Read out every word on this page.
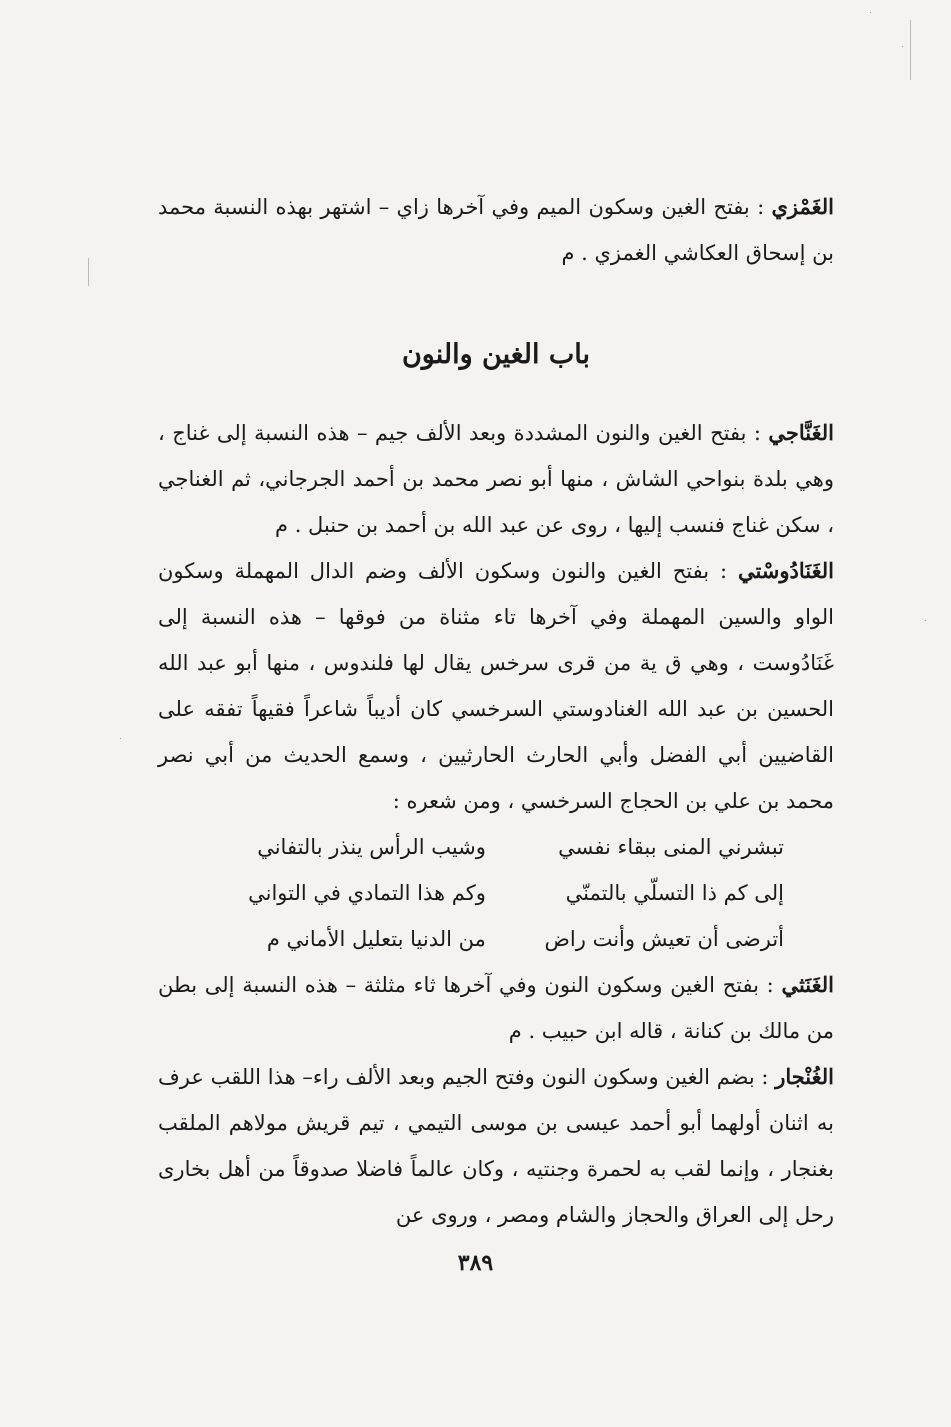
الغَمْزي : بفتح الغين وسكون الميم وفي آخرها زاي – اشتهر بهذه النسبة محمد بن إسحاق العكاشي الغمزي . م

باب الغين والنون

الغَنَّاجي : بفتح الغين والنون المشددة وبعد الألف جيم – هذه النسبة إلى غناج ، وهي بلدة بنواحي الشاش ، منها أبو نصر محمد بن أحمد الجرجاني، ثم الغناجي ، سكن غناج فنسب إليها ، روى عن عبد الله بن أحمد بن حنبل . م

الغَنَادُوسْتي : بفتح الغين والنون وسكون الألف وضم الدال المهملة وسكون الواو والسين المهملة وفي آخرها تاء مثناة من فوقها – هذه النسبة إلى غَنَادُوست ، وهي ق ية من قرى سرخس يقال لها فلندوس ، منها أبو عبد الله الحسين بن عبد الله الغنادوستي السرخسي كان أديباً شاعراً فقيهاً تفقه على القاضيين أبي الفضل وأبي الحارث الحارثيين ، وسمع الحديث من أبي نصر محمد بن علي بن الحجاج السرخسي ، ومن شعره :

تبشرني المنى ببقاء نفسي
وشيب الرأس ينذر بالتفاني
إلى كم ذا التسلّي بالتمنّي
وكم هذا التمادي في التواني
أترضى أن تعيش وأنت راض
من الدنيا بتعليل الأماني م

الغَنَثي : بفتح الغين وسكون النون وفي آخرها ثاء مثلثة – هذه النسبة إلى بطن من مالك بن كنانة ، قاله ابن حبيب . م

الغُنْجار : بضم الغين وسكون النون وفتح الجيم وبعد الألف راء– هذا اللقب عرف به اثنان أولهما أبو أحمد عيسى بن موسى التيمي ، تيم قريش مولاهم الملقب بغنجار ، وإنما لقب به لحمرة وجنتيه ، وكان عالماً فاضلا صدوقاً من أهل بخارى رحل إلى العراق والحجاز والشام ومصر ، وروى عن

٣٨٩
